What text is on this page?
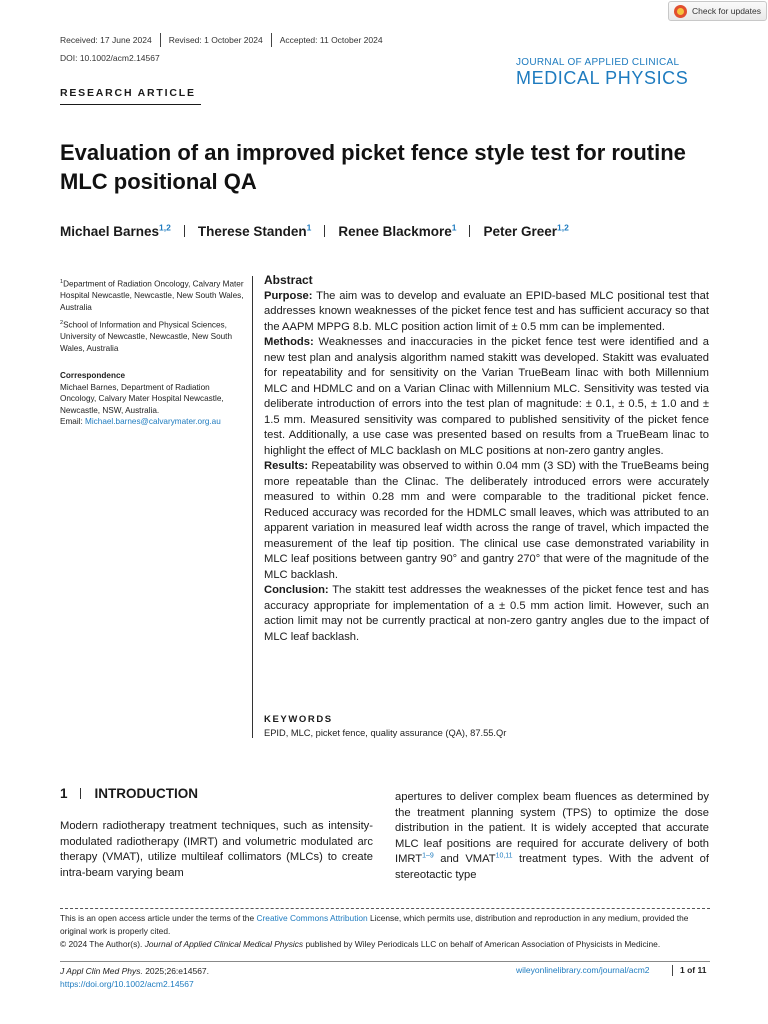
Check for updates
Received: 17 June 2024 Revised: 1 October 2024 Accepted: 11 October 2024
DOI: 10.1002/acm2.14567	JOURNAL OF APPLIED CLINICAL
MEDICAL PHYSICS
RESEARCH ARTICLE
Evaluation of an improved picket fence style test for routine MLC positional QA
Michael Barnes$^{1,2}$ Therese Standen$^1$ Renee Blackmore$^1$ Peter Greer$^{1,2}$
$^1$Department of Radiation Oncology, Calvary Mater Hospital Newcastle, Newcastle, New South Wales, Australia
$^2$School of Information and Physical Sciences, University of Newcastle, Newcastle, New South Wales, Australia
Correspondence
Michael Barnes, Department of Radiation Oncology, Calvary Mater Hospital Newcastle, Newcastle, NSW, Australia.
Email: Michael.barnes@calvarymater.org.au
Abstract

Purpose: The aim was to develop and evaluate an EPID-based MLC positional test that addresses known weaknesses of the picket fence test and has sufficient accuracy so that the AAPM MPPG 8.b. MLC position action limit of ± 0.5 mm can be implemented.

Methods: Weaknesses and inaccuracies in the picket fence test were identified and a new test plan and analysis algorithm named stakitt was developed. Stakitt was evaluated for repeatability and for sensitivity on the Varian TrueBeam linac with both Millennium MLC and HDMLC and on a Varian Clinac with Millennium MLC. Sensitivity was tested via deliberate introduction of errors into the test plan of magnitude: ± 0.1, ± 0.5, ± 1.0 and ± 1.5 mm. Measured sensitivity was compared to published sensitivity of the picket fence test. Additionally, a use case was presented based on results from a TrueBeam linac to highlight the effect of MLC backlash on MLC positions at non-zero gantry angles.

Results: Repeatability was observed to within 0.04 mm (3 SD) with the TrueBeams being more repeatable than the Clinac. The deliberately introduced errors were accurately measured to within 0.28 mm and were comparable to the traditional picket fence. Reduced accuracy was recorded for the HDMLC small leaves, which was attributed to an apparent variation in measured leaf width across the range of travel, which impacted the measurement of the leaf tip position. The clinical use case demonstrated variability in MLC leaf positions between gantry 90° and gantry 270° that were of the magnitude of the MLC backlash.

Conclusion: The stakitt test addresses the weaknesses of the picket fence test and has accuracy appropriate for implementation of a ± 0.5 mm action limit. However, such an action limit may not be currently practical at non-zero gantry angles due to the impact of MLC leaf backlash.

KEYWORDS
EPID, MLC, picket fence, quality assurance (QA), 87.55.Qr
1 INTRODUCTION

Modern radiotherapy treatment techniques, such as intensity-modulated radiotherapy (IMRT) and volumetric modulated arc therapy (VMAT), utilize multileaf collimators (MLCs) to create intra-beam varying beam

apertures to deliver complex beam fluences as determined by the treatment planning system (TPS) to optimize the dose distribution in the patient. It is widely accepted that accurate MLC leaf positions are required for accurate delivery of both IMRT$^{1-9}$ and VMAT$^{10,11}$ treatment types. With the advent of stereotactic type

This is an open access article under the terms of the Creative Commons Attribution License, which permits use, distribution and reproduction in any medium, provided the original work is properly cited.
© 2024 The Author(s). Journal of Applied Clinical Medical Physics published by Wiley Periodicals LLC on behalf of American Association of Physicists in Medicine.
J Appl Clin Med Phys. 2025;26:e14567.
https://doi.org/10.1002/acm2.14567
wileyonlinelibrary.com/journal/acm2	1 of 11
